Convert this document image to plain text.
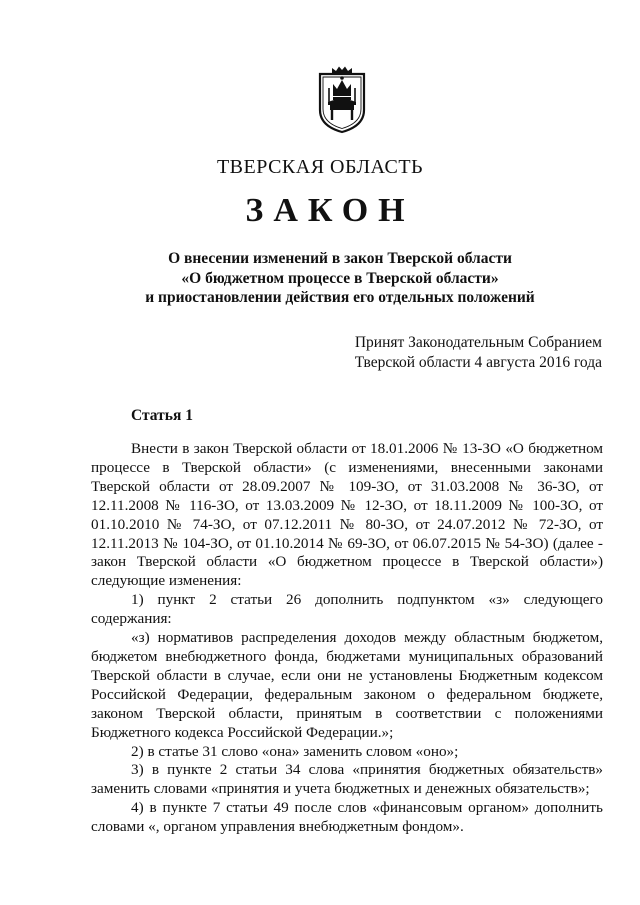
ТВЕРСКАЯ ОБЛАСТЬ
ЗАКОН
О внесении изменений в закон Тверской области
«О бюджетном процессе в Тверской области»
и приостановлении действия его отдельных положений
Принят Законодательным Собранием
Тверской области 4 августа 2016 года
Статья 1

Внести в закон Тверской области от 18.01.2006 № 13-ЗО «О бюджетном процессе в Тверской области» (с изменениями, внесенными законами Тверской области от 28.09.2007 № 109-ЗО, от 31.03.2008 № 36-ЗО, от 12.11.2008 № 116-ЗО, от 13.03.2009 № 12-ЗО, от 18.11.2009 № 100-ЗО, от 01.10.2010 № 74-ЗО, от 07.12.2011 № 80-ЗО, от 24.07.2012 № 72-ЗО, от 12.11.2013 № 104-ЗО, от 01.10.2014 № 69-ЗО, от 06.07.2015 № 54-ЗО) (далее - закон Тверской области «О бюджетном процессе в Тверской области») следующие изменения:

1) пункт 2 статьи 26 дополнить подпунктом «з» следующего содержания:

«з) нормативов распределения доходов между областным бюджетом, бюджетом внебюджетного фонда, бюджетами муниципальных образований Тверской области в случае, если они не установлены Бюджетным кодексом Российской Федерации, федеральным законом о федеральном бюджете, законом Тверской области, принятым в соответствии с положениями Бюджетного кодекса Российской Федерации.»;

2) в статье 31 слово «она» заменить словом «оно»;

3) в пункте 2 статьи 34 слова «принятия бюджетных обязательств» заменить словами «принятия и учета бюджетных и денежных обязательств»;

4) в пункте 7 статьи 49 после слов «финансовым органом» дополнить словами «, органом управления внебюджетным фондом».
